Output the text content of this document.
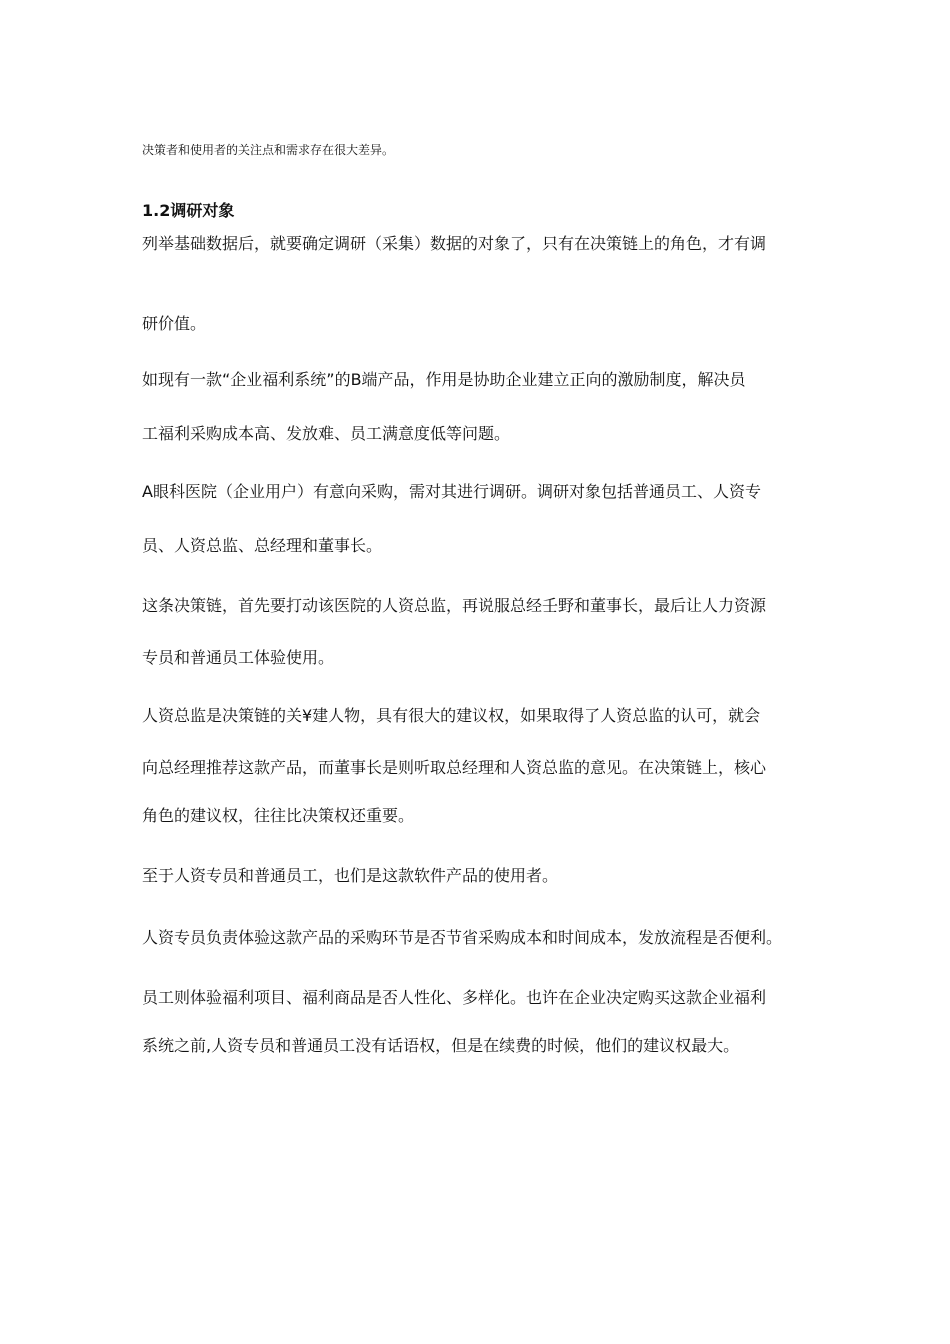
决策者和使用者的关注点和需求存在很大差异。
1.2调研对象
列举基础数据后，就要确定调研（采集）数据的对象了，只有在决策链上的角色，才有调
研价值。
如现有一款“企业福利系统”的B端产品，作用是协助企业建立正向的激励制度，解决员
工福利采购成本高、发放难、员工满意度低等问题。
A眼科医院（企业用户）有意向采购，需对其进行调研。调研对象包括普通员工、人资专
员、人资总监、总经理和董事长。
这条决策链，首先要打动该医院的人资总监，再说服总经壬野和董事长，最后让人力资源
专员和普通员工体验使用。
人资总监是决策链的关¥建人物，具有很大的建议权，如果取得了人资总监的认可，就会
向总经理推荐这款产品，而董事长是则听取总经理和人资总监的意见。在决策链上，核心
角色的建议权，往往比决策权还重要。
至于人资专员和普通员工，也们是这款软件产品的使用者。
人资专员负责体验这款产品的采购环节是否节省采购成本和时间成本，发放流程是否便利。
员工则体验福利项目、福利商品是否人性化、多样化。也许在企业决定购买这款企业福利
系统之前,人资专员和普通员工没有话语权，但是在续费的时候，他们的建议权最大。
